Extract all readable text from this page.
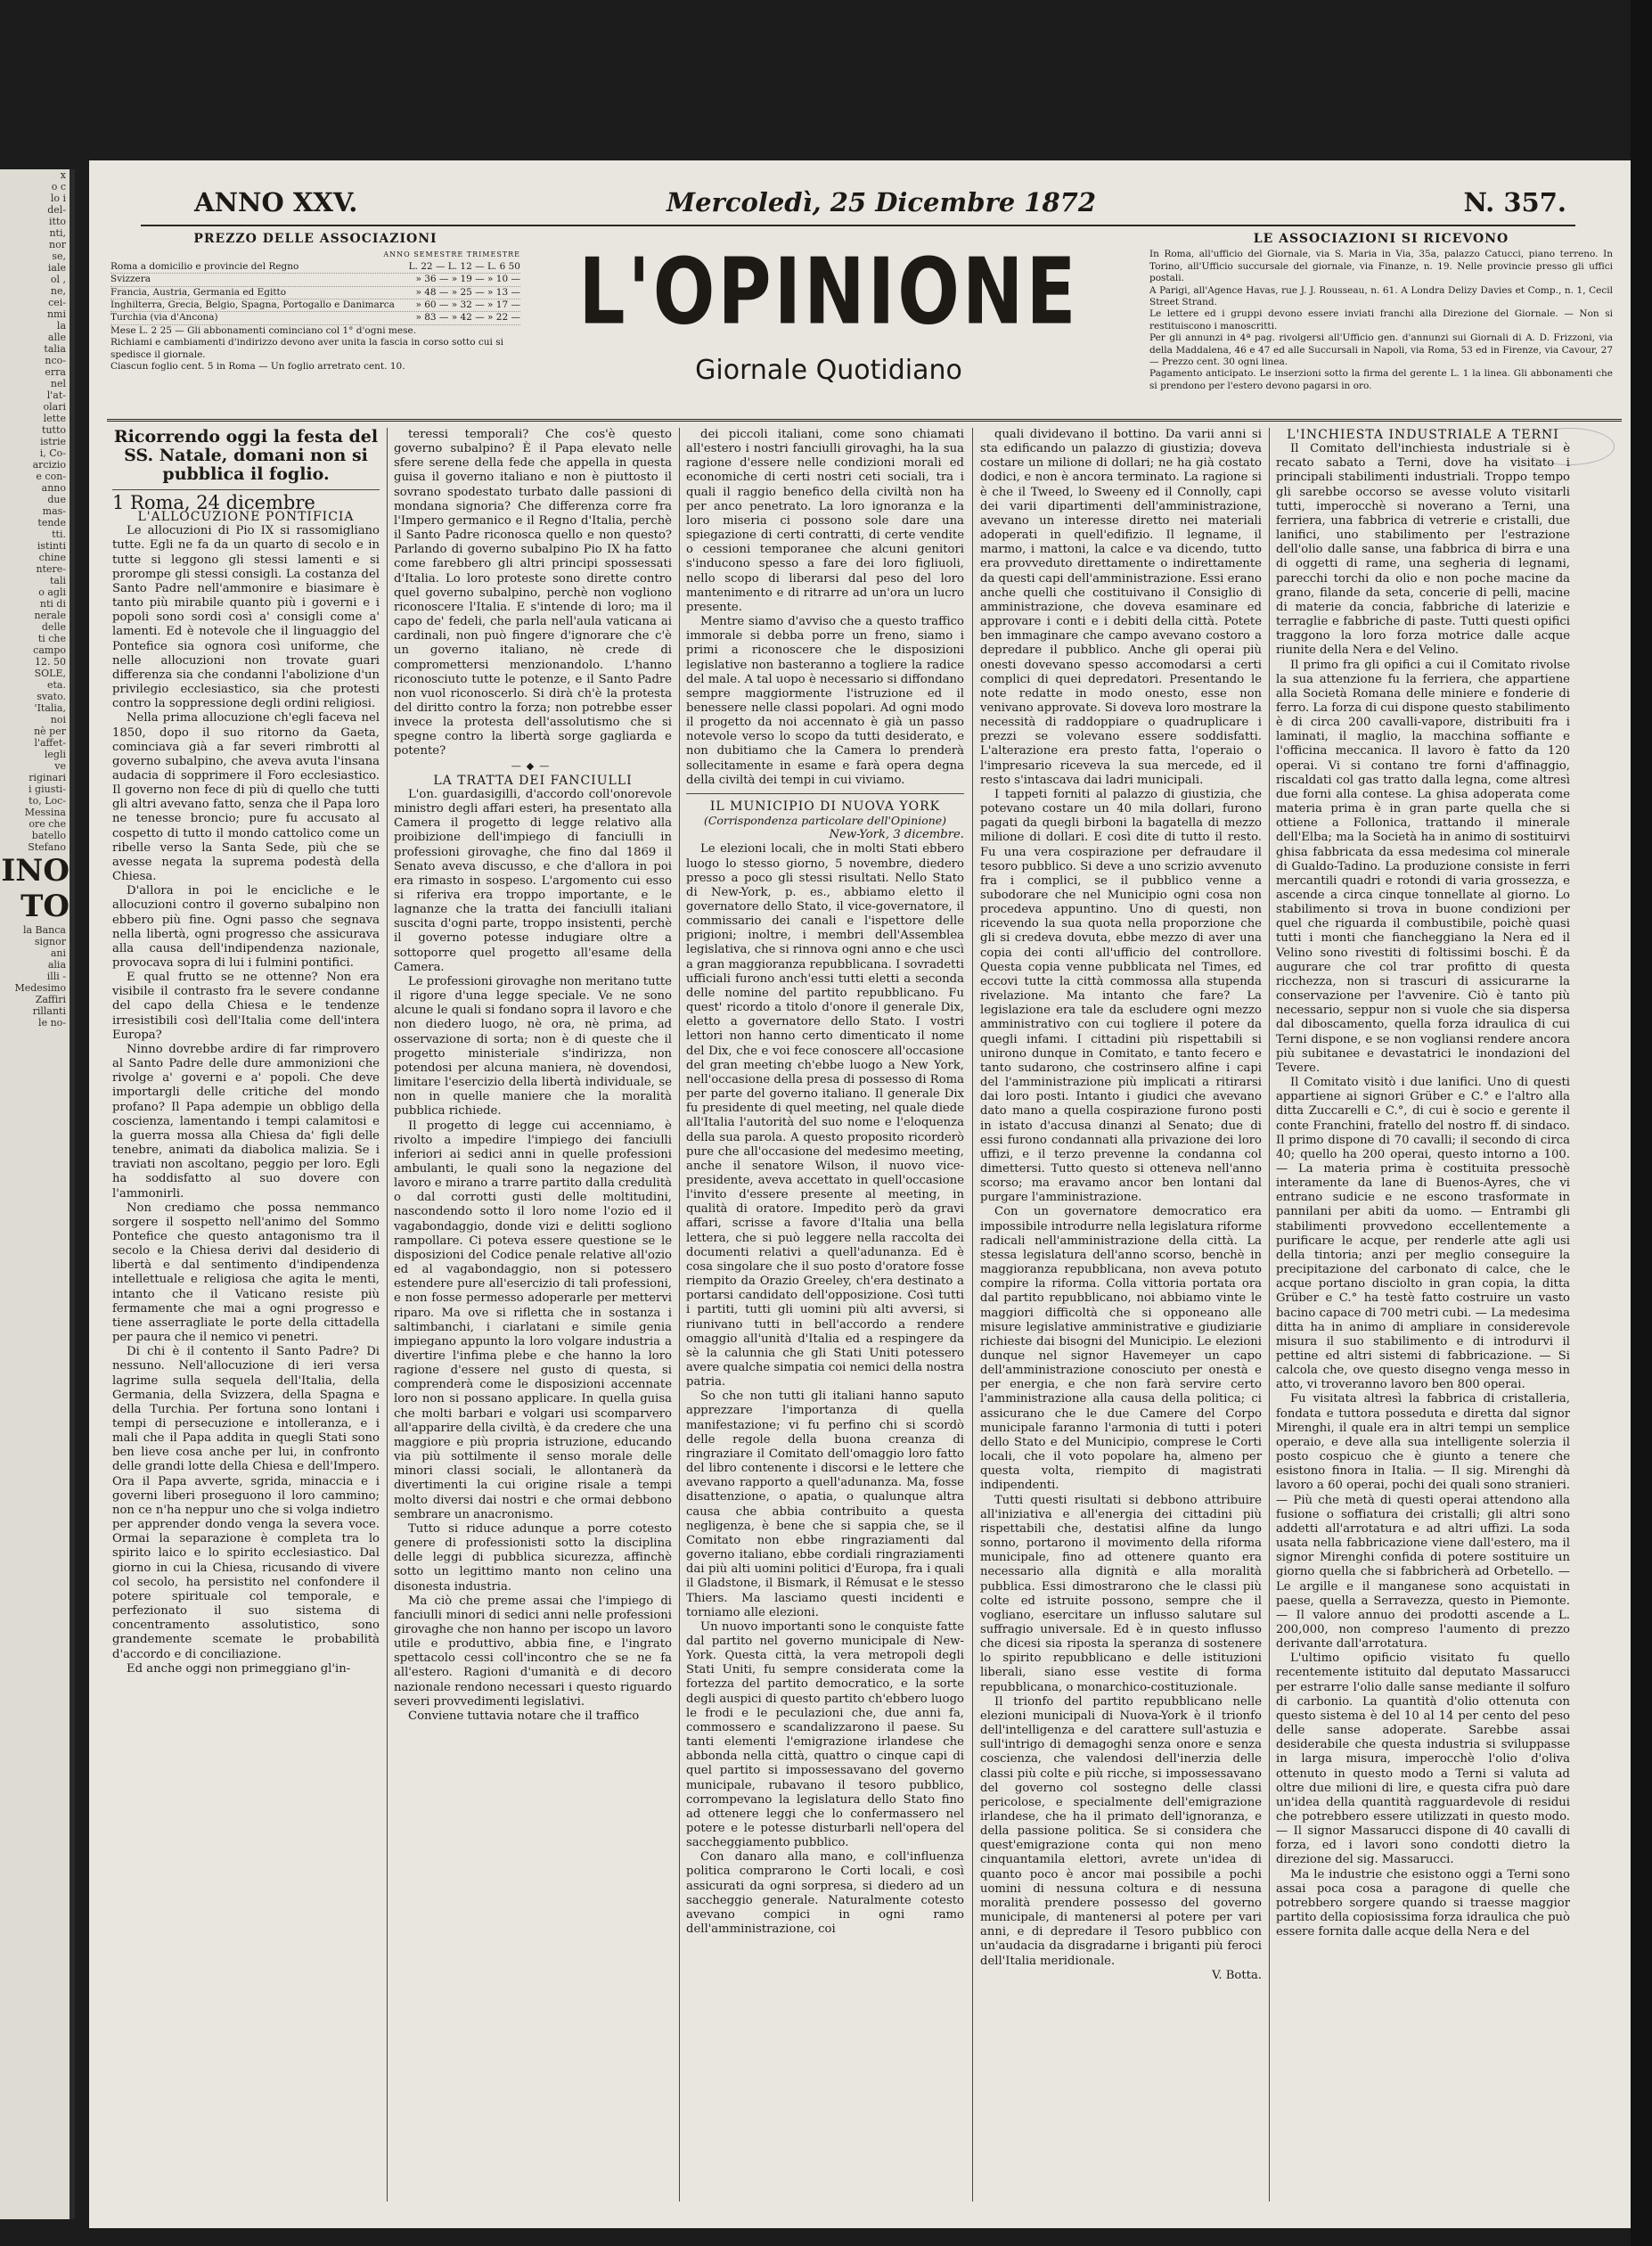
x
o c
lo i
del-
itto
nti,
nor
se,
iale
ol ,
ne,
cei-
nmi
la
alle
talia
nco-
erra
nel
l'at-
olari
lette
tutto
istrie
i, Co-
arcizio
e con-
anno
due
mas-
tende
tti.
istinti
chine
ntere-
tali
o agli
nti di
nerale
delle
ti che
campo
12. 50
SOLE,
eta.
svato.
'Italia,
noi
nè per
l'affet-
legli
ve
riginari
i giusti-
to, Loc-
Messina
ore che
batello
Stefano
INO
TO
la Banca
signor
ani
alia
illi -
Medesimo
Zaffiri
rillanti
le no-
ANNO XXV.	Mercoledì, 25 Dicembre 1872	N. 357.
PREZZO DELLE ASSOCIAZIONI
ANNO SEMESTRE TRIMESTRE
Roma a domicilio e provincie del Regno	L. 22 — L. 12 — L. 6 50
Svizzera	» 36 — » 19 — » 10 —
Francia, Austria, Germania ed Egitto	» 48 — » 25 — » 13 —
Inghilterra, Grecia, Belgio, Spagna, Portogallo e Danimarca » 60 — » 32 — » 17 —
Turchia (via d'Ancona)	» 83 — » 42 — » 22 —

Mese L. 2 25 — Gli abbonamenti cominciano col 1° d'ogni mese.

Richiami e cambiamenti d'indirizzo devono aver unita la fascia in corso sotto cui si spedisce il giornale.

Ciascun foglio cent. 5 in Roma — Un foglio arretrato cent. 10.

L'OPINIONE
Giornale Quotidiano
LE ASSOCIAZIONI SI RICEVONO

In Roma, all'ufficio del Giornale, via S. Maria in Via, 35a, palazzo Catucci, piano terreno. In Torino, all'Ufficio succursale del giornale, via Finanze, n. 19. Nelle provincie presso gli uffici postali.

A Parigi, all'Agence Havas, rue J. J. Rousseau, n. 61. A Londra Delizy Davies et Comp., n. 1, Cecil Street Strand.

Le lettere ed i gruppi devono essere inviati franchi alla Direzione del Giornale. — Non si restituiscono i manoscritti.

Per gli annunzi in 4ª pag. rivolgersi all'Ufficio gen. d'annunzi sui Giornali di A. D. Frizzoni, via della Maddalena, 46 e 47 ed alle Succursali in Napoli, via Roma, 53 ed in Firenze, via Cavour, 27 — Prezzo cent. 30 ogni linea.

Pagamento anticipato. Le inserzioni sotto la firma del gerente L. 1 la linea. Gli abbonamenti che si prendono per l'estero devono pagarsi in oro.

Ricorrendo oggi la festa del SS. Natale, domani non si pubblica il foglio.

1 Roma, 24 dicembre

L'ALLOCUZIONE PONTIFICIA

Le allocuzioni di Pio IX si rassomigliano tutte. Egli ne fa da un quarto di secolo e in tutte si leggono gli stessi lamenti e si prorompe gli stessi consigli. La costanza del Santo Padre nell'ammonire e biasimare è tanto più mirabile quanto più i governi e i popoli sono sordi così a' consigli come a' lamenti. Ed è notevole che il linguaggio del Pontefice sia ognora così uniforme, che nelle allocuzioni non trovate guari differenza sia che condanni l'abolizione d'un privilegio ecclesiastico, sia che protesti contro la soppressione degli ordini religiosi.

Nella prima allocuzione ch'egli faceva nel 1850, dopo il suo ritorno da Gaeta, cominciava già a far severi rimbrotti al governo subalpino, che aveva avuta l'insana audacia di sopprimere il Foro ecclesiastico. Il governo non fece di più di quello che tutti gli altri avevano fatto, senza che il Papa loro ne tenesse broncio; pure fu accusato al cospetto di tutto il mondo cattolico come un ribelle verso la Santa Sede, più che se avesse negata la suprema podestà della Chiesa.

D'allora in poi le encicliche e le allocuzioni contro il governo subalpino non ebbero più fine. Ogni passo che segnava nella libertà, ogni progresso che assicurava alla causa dell'indipendenza nazionale, provocava sopra di lui i fulmini pontifici.

E qual frutto se ne ottenne? Non era visibile il contrasto fra le severe condanne del capo della Chiesa e le tendenze irresistibili così dell'Italia come dell'intera Europa?

Ninno dovrebbe ardire di far rimprovero al Santo Padre delle dure ammonizioni che rivolge a' governi e a' popoli. Che deve importargli delle critiche del mondo profano? Il Papa adempie un obbligo della coscienza, lamentando i tempi calamitosi e la guerra mossa alla Chiesa da' figli delle tenebre, animati da diabolica malizia. Se i traviati non ascoltano, peggio per loro. Egli ha soddisfatto al suo dovere con l'ammonirli.

Non crediamo che possa nemmanco sorgere il sospetto nell'animo del Sommo Pontefice che questo antagonismo tra il secolo e la Chiesa derivi dal desiderio di libertà e dal sentimento d'indipendenza intellettuale e religiosa che agita le menti, intanto che il Vaticano resiste più fermamente che mai a ogni progresso e tiene asserragliate le porte della cittadella per paura che il nemico vi penetri.

Di chi è il contento il Santo Padre? Di nessuno. Nell'allocuzione di ieri versa lagrime sulla sequela dell'Italia, della Germania, della Svizzera, della Spagna e della Turchia. Per fortuna sono lontani i tempi di persecuzione e intolleranza, e i mali che il Papa addita in quegli Stati sono ben lieve cosa anche per lui, in confronto delle grandi lotte della Chiesa e dell'Impero. Ora il Papa avverte, sgrida, minaccia e i governi liberi proseguono il loro cammino; non ce n'ha neppur uno che si volga indietro per apprender dondo venga la severa voce. Ormai la separazione è completa tra lo spirito laico e lo spirito ecclesiastico. Dal giorno in cui la Chiesa, ricusando di vivere col secolo, ha persistito nel confondere il potere spirituale col temporale, e perfezionato il suo sistema di concentramento assolutistico, sono grandemente scemate le probabilità d'accordo e di conciliazione.

Ed anche oggi non primeggiano gl'in-

teressi temporali? Che cos'è questo governo subalpino? È il Papa elevato nelle sfere serene della fede che appella in questa guisa il governo italiano e non è piuttosto il sovrano spodestato turbato dalle passioni di mondana signoria? Che differenza corre fra l'Impero germanico e il Regno d'Italia, perchè il Santo Padre riconosca quello e non questo? Parlando di governo subalpino Pio IX ha fatto come farebbero gli altri principi spossessati d'Italia. Lo loro proteste sono dirette contro quel governo subalpino, perchè non vogliono riconoscere l'Italia. E s'intende di loro; ma il capo de' fedeli, che parla nell'aula vaticana ai cardinali, non può fingere d'ignorare che c'è un governo italiano, nè crede di compromettersi menzionandolo. L'hanno riconosciuto tutte le potenze, e il Santo Padre non vuol riconoscerlo. Si dirà ch'è la protesta del diritto contro la forza; non potrebbe esser invece la protesta dell'assolutismo che si spegne contro la libertà sorge gagliarda e potente?

—◆—

LA TRATTA DEI FANCIULLI

L'on. guardasigilli, d'accordo coll'onorevole ministro degli affari esteri, ha presentato alla Camera il progetto di legge relativo alla proibizione dell'impiego di fanciulli in professioni girovaghe, che fino dal 1869 il Senato aveva discusso, e che d'allora in poi era rimasto in sospeso. L'argomento cui esso si riferiva era troppo importante, e le lagnanze che la tratta dei fanciulli italiani suscita d'ogni parte, troppo insistenti, perchè il governo potesse indugiare oltre a sottoporre quel progetto all'esame della Camera.

Le professioni girovaghe non meritano tutte il rigore d'una legge speciale. Ve ne sono alcune le quali si fondano sopra il lavoro e che non diedero luogo, nè ora, nè prima, ad osservazione di sorta; non è di queste che il progetto ministeriale s'indirizza, non potendosi per alcuna maniera, nè dovendosi, limitare l'esercizio della libertà individuale, se non in quelle maniere che la moralità pubblica richiede.

Il progetto di legge cui accenniamo, è rivolto a impedire l'impiego dei fanciulli inferiori ai sedici anni in quelle professioni ambulanti, le quali sono la negazione del lavoro e mirano a trarre partito dalla credulità o dal corrotti gusti delle moltitudini, nascondendo sotto il loro nome l'ozio ed il vagabondaggio, donde vizi e delitti sogliono rampollare. Ci poteva essere questione se le disposizioni del Codice penale relative all'ozio ed al vagabondaggio, non si potessero estendere pure all'esercizio di tali professioni, e non fosse permesso adoperarle per mettervi riparo. Ma ove si rifletta che in sostanza i saltimbanchi, i ciarlatani e simile genia impiegano appunto la loro volgare industria a divertire l'infima plebe e che hanno la loro ragione d'essere nel gusto di questa, si comprenderà come le disposizioni accennate loro non si possano applicare. In quella guisa che molti barbari e volgari usi scomparvero all'apparire della civiltà, è da credere che una maggiore e più propria istruzione, educando via più sottilmente il senso morale delle minori classi sociali, le allontanerà da divertimenti la cui origine risale a tempi molto diversi dai nostri e che ormai debbono sembrare un anacronismo.

Tutto si riduce adunque a porre cotesto genere di professionisti sotto la disciplina delle leggi di pubblica sicurezza, affinchè sotto un legittimo manto non celino una disonesta industria.

Ma ciò che preme assai che l'impiego di fanciulli minori di sedici anni nelle professioni girovaghe che non hanno per iscopo un lavoro utile e produttivo, abbia fine, e l'ingrato spettacolo cessi coll'incontro che se ne fa all'estero. Ragioni d'umanità e di decoro nazionale rendono necessari i questo riguardo severi provvedimenti legislativi.

Conviene tuttavia notare che il traffico

dei piccoli italiani, come sono chiamati all'estero i nostri fanciulli girovaghi, ha la sua ragione d'essere nelle condizioni morali ed economiche di certi nostri ceti sociali, tra i quali il raggio benefico della civiltà non ha per anco penetrato. La loro ignoranza e la loro miseria ci possono sole dare una spiegazione di certi contratti, di certe vendite o cessioni temporanee che alcuni genitori s'inducono spesso a fare dei loro figliuoli, nello scopo di liberarsi dal peso del loro mantenimento e di ritrarre ad un'ora un lucro presente.

Mentre siamo d'avviso che a questo traffico immorale si debba porre un freno, siamo i primi a riconoscere che le disposizioni legislative non basteranno a togliere la radice del male. A tal uopo è necessario si diffondano sempre maggiormente l'istruzione ed il benessere nelle classi popolari. Ad ogni modo il progetto da noi accennato è già un passo notevole verso lo scopo da tutti desiderato, e non dubitiamo che la Camera lo prenderà sollecitamente in esame e farà opera degna della civiltà dei tempi in cui viviamo.

IL MUNICIPIO DI NUOVA YORK

(Corrispondenza particolare dell'Opinione)

New-York, 3 dicembre.

Le elezioni locali, che in molti Stati ebbero luogo lo stesso giorno, 5 novembre, diedero presso a poco gli stessi risultati. Nello Stato di New-York, p. es., abbiamo eletto il governatore dello Stato, il vice-governatore, il commissario dei canali e l'ispettore delle prigioni; inoltre, i membri dell'Assemblea legislativa, che si rinnova ogni anno e che uscì a gran maggioranza repubblicana. I sovradetti ufficiali furono anch'essi tutti eletti a seconda delle nomine del partito repubblicano. Fu quest' ricordo a titolo d'onore il generale Dix, eletto a governatore dello Stato. I vostri lettori non hanno certo dimenticato il nome del Dix, che e voi fece conoscere all'occasione del gran meeting ch'ebbe luogo a New York, nell'occasione della presa di possesso di Roma per parte del governo italiano. Il generale Dix fu presidente di quel meeting, nel quale diede all'Italia l'autorità del suo nome e l'eloquenza della sua parola. A questo proposito ricorderò pure che all'occasione del medesimo meeting, anche il senatore Wilson, il nuovo vice-presidente, aveva accettato in quell'occasione l'invito d'essere presente al meeting, in qualità di oratore. Impedito però da gravi affari, scrisse a favore d'Italia una bella lettera, che si può leggere nella raccolta dei documenti relativi a quell'adunanza. Ed è cosa singolare che il suo posto d'oratore fosse riempito da Orazio Greeley, ch'era destinato a portarsi candidato dell'opposizione. Così tutti i partiti, tutti gli uomini più alti avversi, si riunivano tutti in bell'accordo a rendere omaggio all'unità d'Italia ed a respingere da sè la calunnia che gli Stati Uniti potessero avere qualche simpatia coi nemici della nostra patria.

So che non tutti gli italiani hanno saputo apprezzare l'importanza di quella manifestazione; vi fu perfino chi si scordò delle regole della buona creanza di ringraziare il Comitato dell'omaggio loro fatto del libro contenente i discorsi e le lettere che avevano rapporto a quell'adunanza. Ma, fosse disattenzione, o apatia, o qualunque altra causa che abbia contribuito a questa negligenza, è bene che si sappia che, se il Comitato non ebbe ringraziamenti dal governo italiano, ebbe cordiali ringraziamenti dai più alti uomini politici d'Europa, fra i quali il Gladstone, il Bismark, il Rémusat e le stesso Thiers. Ma lasciamo questi incidenti e torniamo alle elezioni.

Un nuovo importanti sono le conquiste fatte dal partito nel governo municipale di New-York. Questa città, la vera metropoli degli Stati Uniti, fu sempre considerata come la fortezza del partito democratico, e la sorte degli auspici di questo partito ch'ebbero luogo le frodi e le peculazioni che, due anni fa, commossero e scandalizzarono il paese. Su tanti elementi l'emigrazione irlandese che abbonda nella città, quattro o cinque capi di quel partito si impossessavano del governo municipale, rubavano il tesoro pubblico, corrompevano la legislatura dello Stato fino ad ottenere leggi che lo confermassero nel potere e le potesse disturbarli nell'opera del saccheggiamento pubblico.

Con danaro alla mano, e coll'influenza politica comprarono le Corti locali, e così assicurati da ogni sorpresa, si diedero ad un saccheggio generale. Naturalmente cotesto avevano compici in ogni ramo dell'amministrazione, coi

quali dividevano il bottino. Da varii anni si sta edificando un palazzo di giustizia; doveva costare un milione di dollari; ne ha già costato dodici, e non è ancora terminato. La ragione si è che il Tweed, lo Sweeny ed il Connolly, capi dei varii dipartimenti dell'amministrazione, avevano un interesse diretto nei materiali adoperati in quell'edifizio. Il legname, il marmo, i mattoni, la calce e va dicendo, tutto era provveduto direttamente o indirettamente da questi capi dell'amministrazione. Essi erano anche quelli che costituivano il Consiglio di amministrazione, che doveva esaminare ed approvare i conti e i debiti della città. Potete ben immaginare che campo avevano costoro a depredare il pubblico. Anche gli operai più onesti dovevano spesso accomodarsi a certi complici di quei depredatori. Presentando le note redatte in modo onesto, esse non venivano approvate. Si doveva loro mostrare la necessità di raddoppiare o quadruplicare i prezzi se volevano essere soddisfatti. L'alterazione era presto fatta, l'operaio o l'impresario riceveva la sua mercede, ed il resto s'intascava dai ladri municipali.

I tappeti forniti al palazzo di giustizia, che potevano costare un 40 mila dollari, furono pagati da quegli birboni la bagatella di mezzo milione di dollari. E così dite di tutto il resto. Fu una vera cospirazione per defraudare il tesoro pubblico. Si deve a uno scrizio avvenuto fra i complici, se il pubblico venne a subodorare che nel Municipio ogni cosa non procedeva appuntino. Uno di questi, non ricevendo la sua quota nella proporzione che gli si credeva dovuta, ebbe mezzo di aver una copia dei conti all'ufficio del controllore. Questa copia venne pubblicata nel Times, ed eccovi tutte la città commossa alla stupenda rivelazione. Ma intanto che fare? La legislazione era tale da escludere ogni mezzo amministrativo con cui togliere il potere da quegli infami. I cittadini più rispettabili si unirono dunque in Comitato, e tanto fecero e tanto sudarono, che costrinsero alfine i capi del l'amministrazione più implicati a ritirarsi dai loro posti. Intanto i giudici che avevano dato mano a quella cospirazione furono posti in istato d'accusa dinanzi al Senato; due di essi furono condannati alla privazione dei loro uffizi, e il terzo prevenne la condanna col dimettersi. Tutto questo si otteneva nell'anno scorso; ma eravamo ancor ben lontani dal purgare l'amministrazione.

Con un governatore democratico era impossibile introdurre nella legislatura riforme radicali nell'amministrazione della città. La stessa legislatura dell'anno scorso, benchè in maggioranza repubblicana, non aveva potuto compire la riforma. Colla vittoria portata ora dal partito repubblicano, noi abbiamo vinte le maggiori difficoltà che si opponeano alle misure legislative amministrative e giudiziarie richieste dai bisogni del Municipio. Le elezioni dunque nel signor Havemeyer un capo dell'amministrazione conosciuto per onestà e per energia, e che non farà servire certo l'amministrazione alla causa della politica; ci assicurano che le due Camere del Corpo municipale faranno l'armonia di tutti i poteri dello Stato e del Municipio, comprese le Corti locali, che il voto popolare ha, almeno per questa volta, riempito di magistrati indipendenti.

Tutti questi risultati si debbono attribuire all'iniziativa e all'energia dei cittadini più rispettabili che, destatisi alfine da lungo sonno, portarono il movimento della riforma municipale, fino ad ottenere quanto era necessario alla dignità e alla moralità pubblica. Essi dimostrarono che le classi più colte ed istruite possono, sempre che il vogliano, esercitare un influsso salutare sul suffragio universale. Ed è in questo influsso che dicesi sia riposta la speranza di sostenere lo spirito repubblicano e delle istituzioni liberali, siano esse vestite di forma repubblicana, o monarchico-costituzionale.

Il trionfo del partito repubblicano nelle elezioni municipali di Nuova-York è il trionfo dell'intelligenza e del carattere sull'astuzia e sull'intrigo di demagoghi senza onore e senza coscienza, che valendosi dell'inerzia delle classi più colte e più ricche, si impossessavano del governo col sostegno delle classi pericolose, e specialmente dell'emigrazione irlandese, che ha il primato dell'ignoranza, e della passione politica. Se si considera che quest'emigrazione conta qui non meno cinquantamila elettori, avrete un'idea di quanto poco è ancor mai possibile a pochi uomini di nessuna coltura e di nessuna moralità prendere possesso del governo municipale, di mantenersi al potere per vari anni, e di depredare il Tesoro pubblico con un'audacia da disgradarne i briganti più feroci dell'Italia meridionale.

V. Botta.

L'INCHIESTA INDUSTRIALE A TERNI

Il Comitato dell'inchiesta industriale si è recato sabato a Terni, dove ha visitato i principali stabilimenti industriali. Troppo tempo gli sarebbe occorso se avesse voluto visitarli tutti, imperocchè si noverano a Terni, una ferriera, una fabbrica di vetrerie e cristalli, due lanifici, uno stabilimento per l'estrazione dell'olio dalle sanse, una fabbrica di birra e una di oggetti di rame, una segheria di legnami, parecchi torchi da olio e non poche macine da grano, filande da seta, concerie di pelli, macine di materie da concia, fabbriche di laterizie e terraglie e fabbriche di paste. Tutti questi opifici traggono la loro forza motrice dalle acque riunite della Nera e del Velino.

Il primo fra gli opifici a cui il Comitato rivolse la sua attenzione fu la ferriera, che appartiene alla Società Romana delle miniere e fonderie di ferro. La forza di cui dispone questo stabilimento è di circa 200 cavalli-vapore, distribuiti fra i laminati, il maglio, la macchina soffiante e l'officina meccanica. Il lavoro è fatto da 120 operai. Vi si contano tre forni d'affinaggio, riscaldati col gas tratto dalla legna, come altresì due forni alla contese. La ghisa adoperata come materia prima è in gran parte quella che si ottiene a Follonica, trattando il minerale dell'Elba; ma la Società ha in animo di sostituirvi ghisa fabbricata da essa medesima col minerale di Gualdo-Tadino. La produzione consiste in ferri mercantili quadri e rotondi di varia grossezza, e ascende a circa cinque tonnellate al giorno. Lo stabilimento si trova in buone condizioni per quel che riguarda il combustibile, poichè quasi tutti i monti che fiancheggiano la Nera ed il Velino sono rivestiti di foltissimi boschi. È da augurare che col trar profitto di questa ricchezza, non si trascuri di assicurarne la conservazione per l'avvenire. Ciò è tanto più necessario, seppur non si vuole che sia dispersa dal diboscamento, quella forza idraulica di cui Terni dispone, e se non vogliansi rendere ancora più subitanee e devastatrici le inondazioni del Tevere.

Il Comitato visitò i due lanifici. Uno di questi appartiene ai signori Grüber e C.° e l'altro alla ditta Zuccarelli e C.°, di cui è socio e gerente il conte Franchini, fratello del nostro ff. di sindaco. Il primo dispone di 70 cavalli; il secondo di circa 40; quello ha 200 operai, questo intorno a 100. — La materia prima è costituita pressochè interamente da lane di Buenos-Ayres, che vi entrano sudicie e ne escono trasformate in pannilani per abiti da uomo. — Entrambi gli stabilimenti provvedono eccellentemente a purificare le acque, per renderle atte agli usi della tintoria; anzi per meglio conseguire la precipitazione del carbonato di calce, che le acque portano disciolto in gran copia, la ditta Grüber e C.° ha testè fatto costruire un vasto bacino capace di 700 metri cubi. — La medesima ditta ha in animo di ampliare in considerevole misura il suo stabilimento e di introdurvi il pettine ed altri sistemi di fabbricazione. — Si calcola che, ove questo disegno venga messo in atto, vi troveranno lavoro ben 800 operai.

Fu visitata altresì la fabbrica di cristalleria, fondata e tuttora posseduta e diretta dal signor Mirenghi, il quale era in altri tempi un semplice operaio, e deve alla sua intelligente solerzia il posto cospicuo che è giunto a tenere che esistono finora in Italia. — Il sig. Mirenghi dà lavoro a 60 operai, pochi dei quali sono stranieri. — Più che metà di questi operai attendono alla fusione o soffiatura dei cristalli; gli altri sono addetti all'arrotatura e ad altri uffizi. La soda usata nella fabbricazione viene dall'estero, ma il signor Mirenghi confida di potere sostituire un giorno quella che si fabbricherà ad Orbetello. — Le argille e il manganese sono acquistati in paese, quella a Serravezza, questo in Piemonte. — Il valore annuo dei prodotti ascende a L. 200,000, non compreso l'aumento di prezzo derivante dall'arrotatura.

L'ultimo opificio visitato fu quello recentemente istituito dal deputato Massarucci per estrarre l'olio dalle sanse mediante il solfuro di carbonio. La quantità d'olio ottenuta con questo sistema è del 10 al 14 per cento del peso delle sanse adoperate. Sarebbe assai desiderabile che questa industria si sviluppasse in larga misura, imperocchè l'olio d'oliva ottenuto in questo modo a Terni si valuta ad oltre due milioni di lire, e questa cifra può dare un'idea della quantità ragguardevole di residui che potrebbero essere utilizzati in questo modo. — Il signor Massarucci dispone di 40 cavalli di forza, ed i lavori sono condotti dietro la direzione del sig. Massarucci.

Ma le industrie che esistono oggi a Terni sono assai poca cosa a paragone di quelle che potrebbero sorgere quando si traesse maggior partito della copiosissima forza idraulica che può essere fornita dalle acque della Nera e del
